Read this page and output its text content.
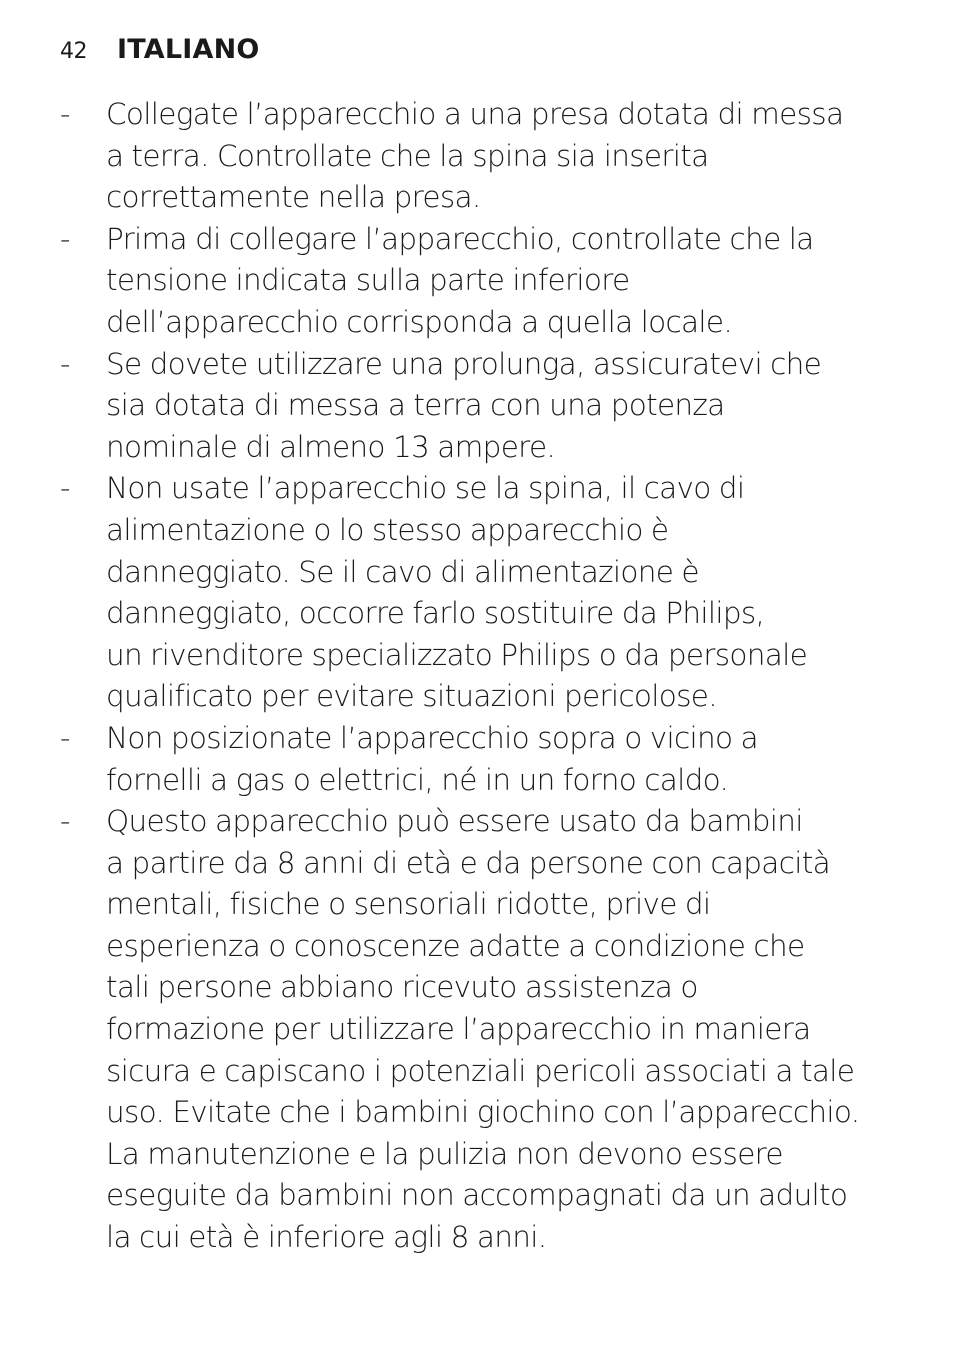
42 ITALIANO
-	Collegate l’apparecchio a una presa dotata di messa
a terra. Controllate che la spina sia inserita
correttamente nella presa.
-	Prima di collegare l’apparecchio, controllate che la
tensione indicata sulla parte inferiore
dell’apparecchio corrisponda a quella locale.
-	Se dovete utilizzare una prolunga, assicuratevi che
sia dotata di messa a terra con una potenza
nominale di almeno 13 ampere.
-	Non usate l’apparecchio se la spina, il cavo di
alimentazione o lo stesso apparecchio è
danneggiato. Se il cavo di alimentazione è
danneggiato, occorre farlo sostituire da Philips,
un rivenditore specializzato Philips o da personale
qualificato per evitare situazioni pericolose.
-	Non posizionate l’apparecchio sopra o vicino a
fornelli a gas o elettrici, né in un forno caldo.
-	Questo apparecchio può essere usato da bambini
a partire da 8 anni di età e da persone con capacità
mentali, fisiche o sensoriali ridotte, prive di
esperienza o conoscenze adatte a condizione che
tali persone abbiano ricevuto assistenza o
formazione per utilizzare l’apparecchio in maniera
sicura e capiscano i potenziali pericoli associati a tale
uso. Evitate che i bambini giochino con l’apparecchio.
La manutenzione e la pulizia non devono essere
eseguite da bambini non accompagnati da un adulto
la cui età è inferiore agli 8 anni.
